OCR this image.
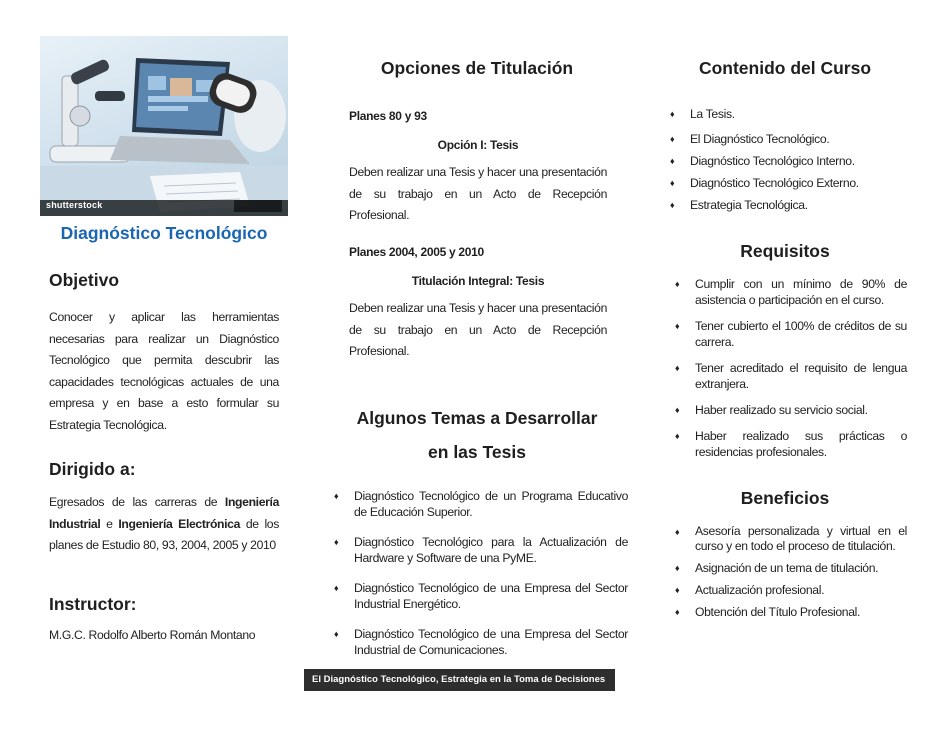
shutterstock
Diagnóstico Tecnológico
Objetivo
Conocer y aplicar las herramientas necesarias para realizar un Diagnóstico Tecnológico que permita descubrir las capacidades tecnológicas actuales de una empresa y en base a esto formular su Estrategia Tecnológica.
Dirigido a:
Egresados de las carreras de Ingeniería Industrial e Ingeniería Electrónica de los planes de Estudio 80, 93, 2004, 2005 y 2010
Instructor:
M.G.C. Rodolfo Alberto Román Montano
Opciones de Titulación
Planes 80 y 93
Opción I: Tesis
Deben realizar una Tesis y hacer una presentación de su trabajo en un Acto de Recepción Profesional.
Planes 2004, 2005 y 2010
Titulación Integral: Tesis
Deben realizar una Tesis y hacer una presentación de su trabajo en un Acto de Recepción Profesional.
Algunos Temas a Desarrollar
en las Tesis
♦ Diagnóstico Tecnológico de un Programa Educativo de Educación Superior.
♦ Diagnóstico Tecnológico para la Actualización de Hardware y Software de una PyME.
♦ Diagnóstico Tecnológico de una Empresa del Sector Industrial Energético.
♦ Diagnóstico Tecnológico de una Empresa del Sector Industrial de Comunicaciones.
El Diagnóstico Tecnológico, Estrategia en la Toma de Decisiones
Contenido del Curso
♦ La Tesis.
♦ El Diagnóstico Tecnológico.
♦ Diagnóstico Tecnológico Interno.
♦ Diagnóstico Tecnológico Externo.
♦ Estrategia Tecnológica.
Requisitos
♦ Cumplir con un mínimo de 90% de asistencia o participación en el curso.
♦ Tener cubierto el 100% de créditos de su carrera.
♦ Tener acreditado el requisito de lengua extranjera.
♦ Haber realizado su servicio social.
♦ Haber realizado sus prácticas o residencias profesionales.
Beneficios
♦ Asesoría personalizada y virtual en el curso y en todo el proceso de titulación.
♦ Asignación de un tema de titulación.
♦ Actualización profesional.
♦ Obtención del Título Profesional.
